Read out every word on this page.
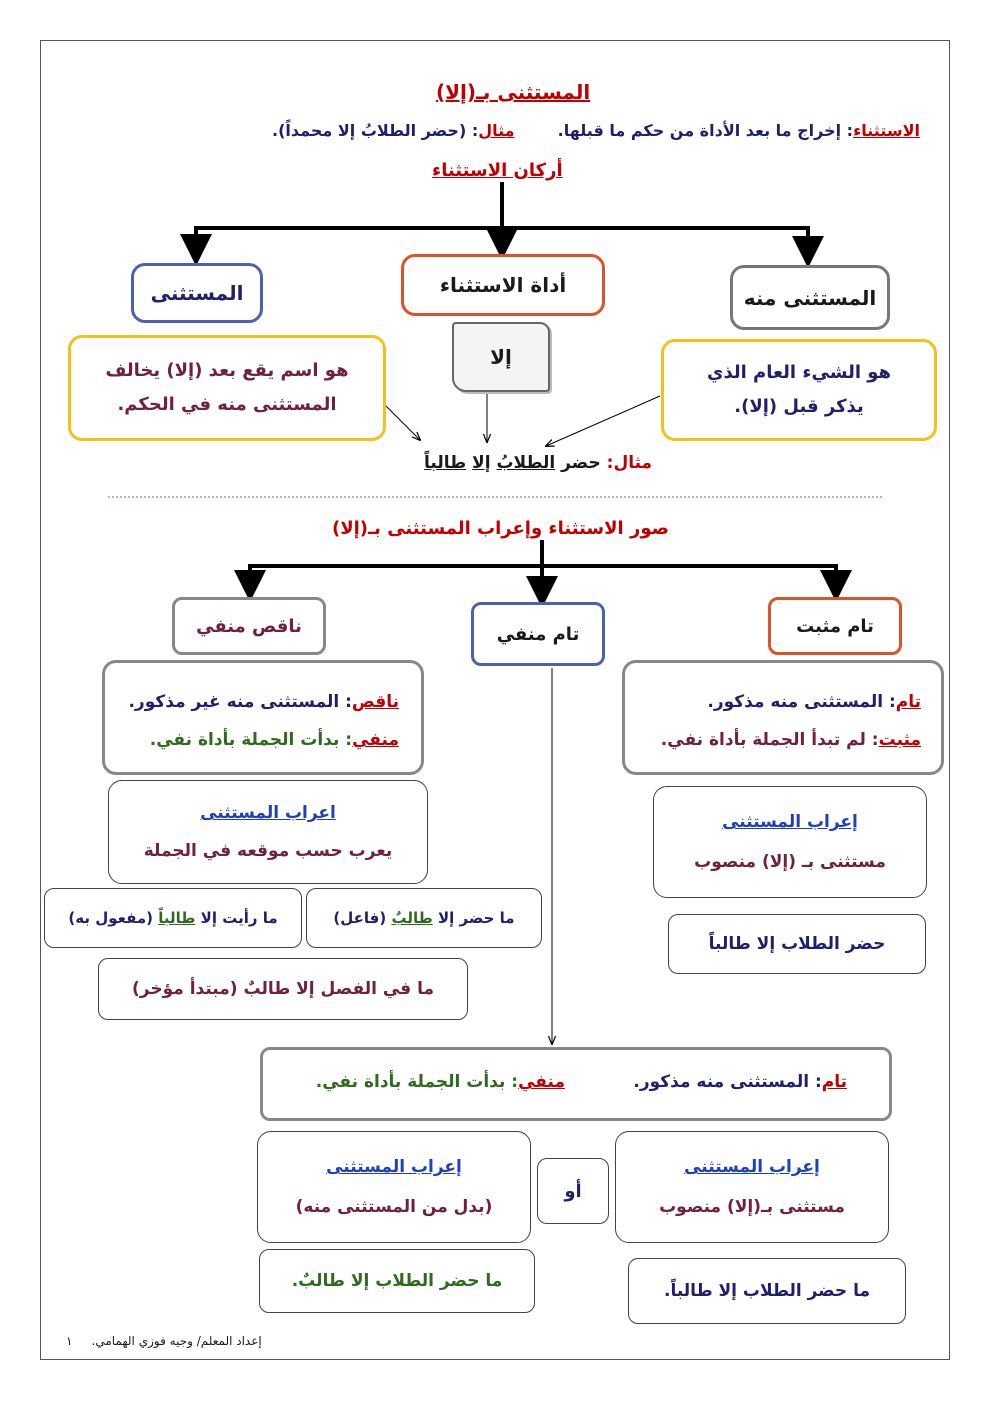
المستثنى بـ(إلا)
الاستثناء: إخراج ما بعد الأداة من حكم ما قبلها.
مثال: (حضر الطلابُ إلا محمداً).
أركان الاستثناء
المستثنى	أداة الاستثناء
المستثنى منه
إلا
هو اسم يقع بعد (إلا) يخالف
المستثنى منه في الحكم.
هو الشيء العام الذي
يذكر قبل (إلا).
مثال: حضر الطلابُ إلا طالباً
صور الاستثناء وإعراب المستثنى بـ(إلا)
ناقص منفي	تام منفي	تام مثبت
ناقص: المستثنى منه غير مذكور.
منفي: بدأت الجملة بأداة نفي.
تام: المستثنى منه مذكور.
مثبت: لم تبدأ الجملة بأداة نفي.
اعراب المستثنى
يعرب حسب موقعه في الجملة
إعراب المستثنى
مستثنى بـ (إلا) منصوب
حضر الطلاب إلا طالباً
ما حضر إلا

طالبٌ

(فاعل)
ما رأيت إلا

طالباً

(مفعول به)
ما في الفصل إلا طالبٌ (مبتدأ مؤخر)
تام: المستثنى منه مذكور.
منفي: بدأت الجملة بأداة نفي.
إعراب المستثنى
مستثنى بـ(إلا) منصوب
أو
إعراب المستثنى
(بدل من المستثنى منه)
ما حضر الطلاب إلا طالباً.
ما حضر الطلاب إلا طالبٌ.
إعداد المعلم/ وجيه فوزي الهمامي.     ١
